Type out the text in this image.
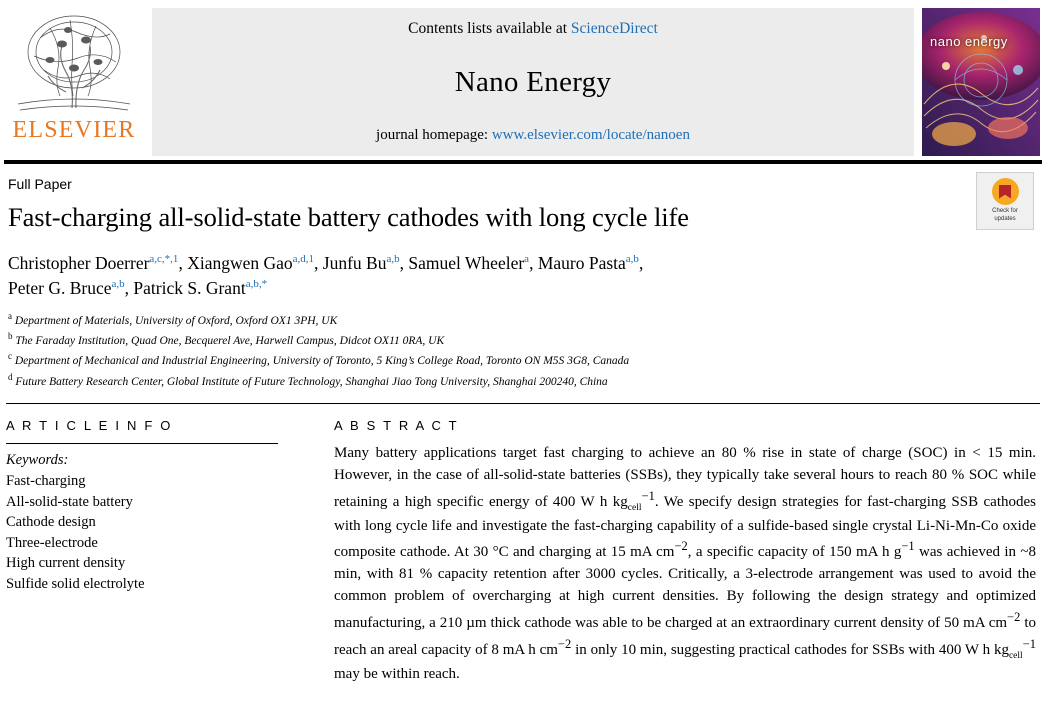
ELSEVIER
Contents lists available at ScienceDirect
Nano Energy
journal homepage: www.elsevier.com/locate/nanoen
nano energy
Check for
updates
Full Paper
Fast-charging all-solid-state battery cathodes with long cycle life
Christopher Doerrer$^{a,c,*,1}$, Xiangwen Gao$^{a,d,1}$, Junfu Bu$^{a,b}$, Samuel Wheeler$^a$, Mauro Pasta$^{a,b}$,
Peter G. Bruce$^{a,b}$, Patrick S. Grant$^{a,b,*}$
$^a$ Department of Materials, University of Oxford, Oxford OX1 3PH, UK
$^b$ The Faraday Institution, Quad One, Becquerel Ave, Harwell Campus, Didcot OX11 0RA, UK
$^c$ Department of Mechanical and Industrial Engineering, University of Toronto, 5 King’s College Road, Toronto ON M5S 3G8, Canada
$^d$ Future Battery Research Center, Global Institute of Future Technology, Shanghai Jiao Tong University, Shanghai 200240, China
A R T I C L E I N F O
Keywords:
Fast-charging
All-solid-state battery
Cathode design
Three-electrode
High current density
Sulfide solid electrolyte
A B S T R A C T
Many battery applications target fast charging to achieve an 80 % rise in state of charge (SOC) in < 15 min. However, in the case of all-solid-state batteries (SSBs), they typically take several hours to reach 80 % SOC while retaining a high specific energy of 400 W h $kg_{cell}^{-1}$. We specify design strategies for fast-charging SSB cathodes with long cycle life and investigate the fast-charging capability of a sulfide-based single crystal Li-Ni-Mn-Co oxide composite cathode. At 30 °C and charging at 15 mA $cm^{-2}$, a specific capacity of 150 mA h $g^{-1}$ was achieved in ~8 min, with 81 % capacity retention after 3000 cycles. Critically, a 3-electrode arrangement was used to avoid the common problem of overcharging at high current densities. By following the design strategy and optimized manufacturing, a 210 µm thick cathode was able to be charged at an extraordinary current density of 50 mA $cm^{-2}$ to reach an areal capacity of 8 mA h $cm^{-2}$ in only 10 min, suggesting practical cathodes for SSBs with 400 W h $kg_{cell}^{-1}$ may be within reach.
